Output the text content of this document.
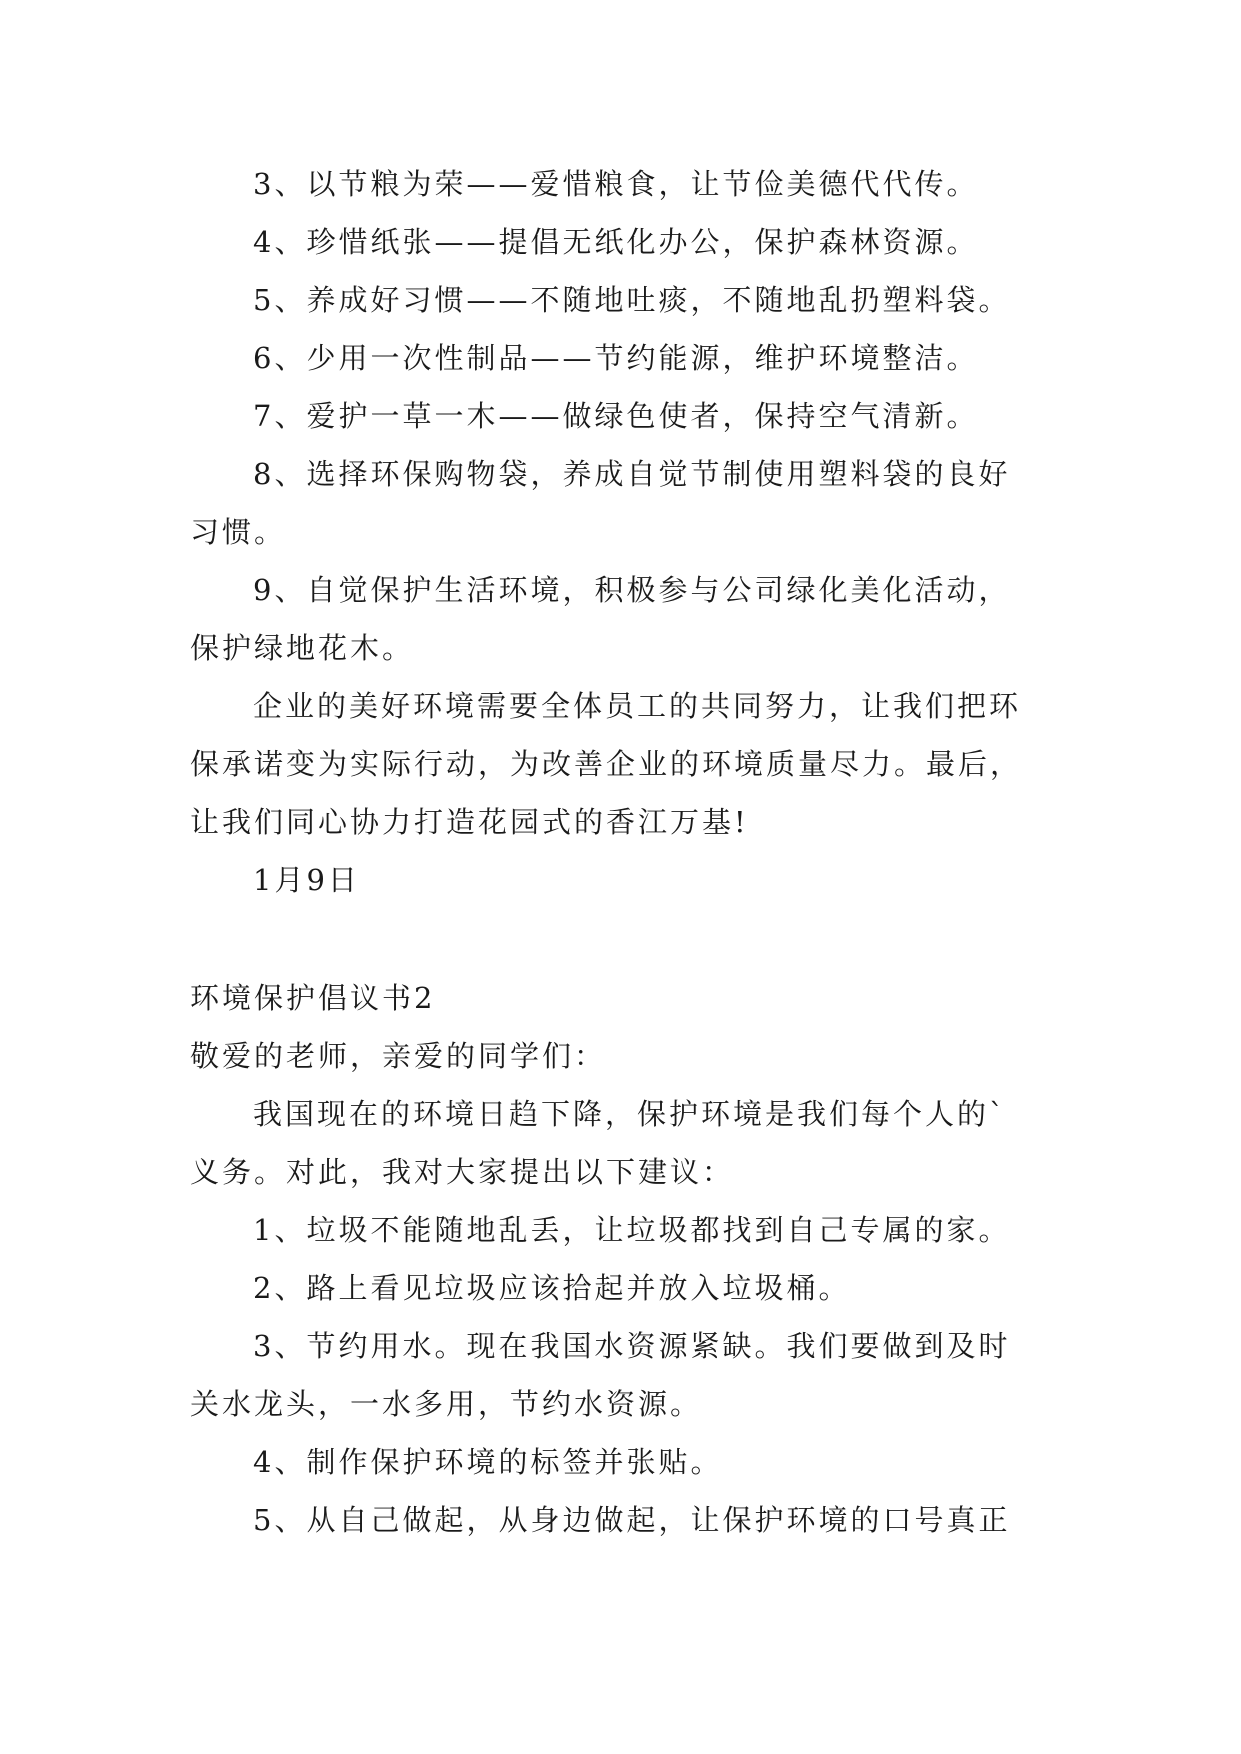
3、以节粮为荣——爱惜粮食，让节俭美德代代传。
4、珍惜纸张——提倡无纸化办公，保护森林资源。
5、养成好习惯——不随地吐痰，不随地乱扔塑料袋。
6、少用一次性制品——节约能源，维护环境整洁。
7、爱护一草一木——做绿色使者，保持空气清新。
8、选择环保购物袋，养成自觉节制使用塑料袋的良好
习惯。
9、自觉保护生活环境，积极参与公司绿化美化活动，
保护绿地花木。
企业的美好环境需要全体员工的共同努力，让我们把环
保承诺变为实际行动，为改善企业的环境质量尽力。最后，
让我们同心协力打造花园式的香江万基!
1月9日
环境保护倡议书2
敬爱的老师，亲爱的同学们：
我国现在的环境日趋下降，保护环境是我们每个人的`
义务。对此，我对大家提出以下建议：
1、垃圾不能随地乱丢，让垃圾都找到自己专属的家。
2、路上看见垃圾应该拾起并放入垃圾桶。
3、节约用水。现在我国水资源紧缺。我们要做到及时
关水龙头，一水多用，节约水资源。
4、制作保护环境的标签并张贴。
5、从自己做起，从身边做起，让保护环境的口号真正
